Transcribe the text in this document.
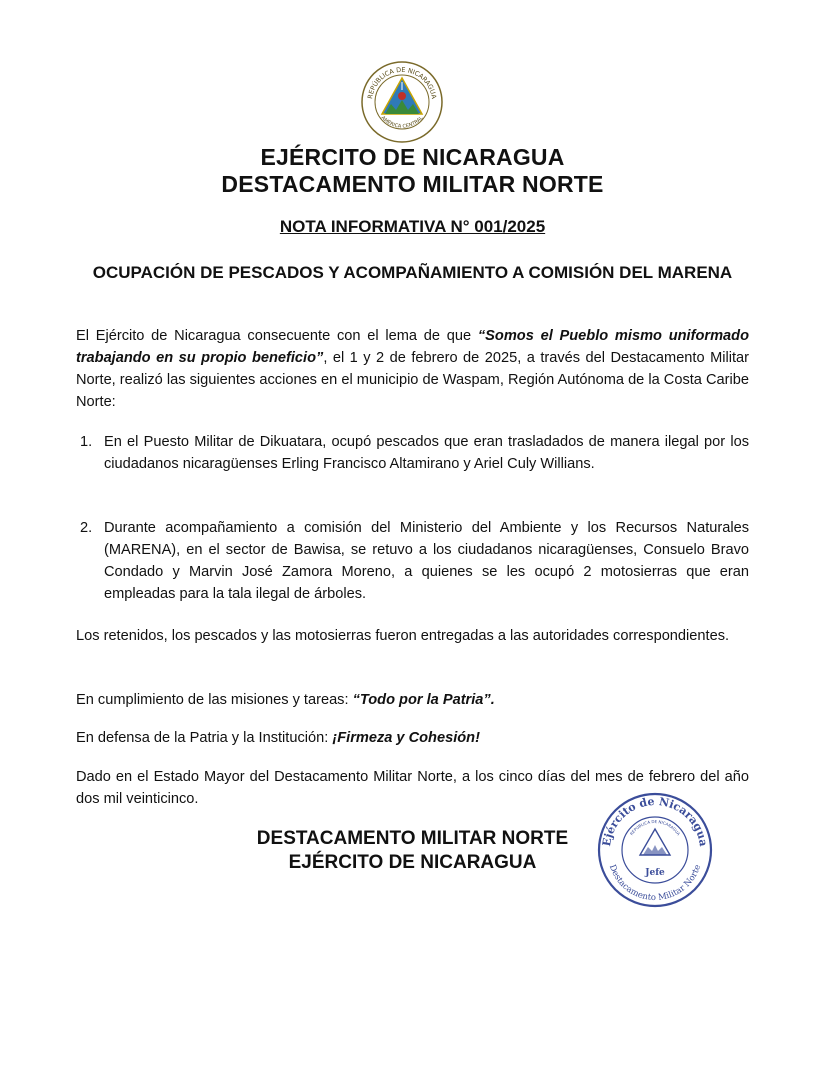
REPÚBLICA DE NICARAGUA
AMÉRICA CENTRAL
EJÉRCITO DE NICARAGUA
DESTACAMENTO MILITAR NORTE
NOTA INFORMATIVA N° 001/2025
OCUPACIÓN DE PESCADOS Y ACOMPAÑAMIENTO A COMISIÓN DEL MARENA
El Ejército de Nicaragua consecuente con el lema de que “Somos el Pueblo mismo uniformado trabajando en su propio beneficio”, el 1 y 2 de febrero de 2025, a través del Destacamento Militar Norte, realizó las siguientes acciones en el municipio de Waspam, Región Autónoma de la Costa Caribe Norte:
1. En el Puesto Militar de Dikuatara, ocupó pescados que eran trasladados de manera ilegal por los ciudadanos nicaragüenses Erling Francisco Altamirano y Ariel Culy Willians.
2. Durante acompañamiento a comisión del Ministerio del Ambiente y los Recursos Naturales (MARENA), en el sector de Bawisa, se retuvo a los ciudadanos nicaragüenses, Consuelo Bravo Condado y Marvin José Zamora Moreno, a quienes se les ocupó 2 motosierras que eran empleadas para la tala ilegal de árboles.
Los retenidos, los pescados y las motosierras fueron entregadas a las autoridades correspondientes.
En cumplimiento de las misiones y tareas: “Todo por la Patria”.
En defensa de la Patria y la Institución: ¡Firmeza y Cohesión!
Dado en el Estado Mayor del Destacamento Militar Norte, a los cinco días del mes de febrero del año dos mil veinticinco.
DESTACAMENTO MILITAR NORTE
EJÉRCITO DE NICARAGUA
Ejército de Nicaragua
Destacamento Militar Norte
REPÚBLICA DE NICARAGUA
Jefe
